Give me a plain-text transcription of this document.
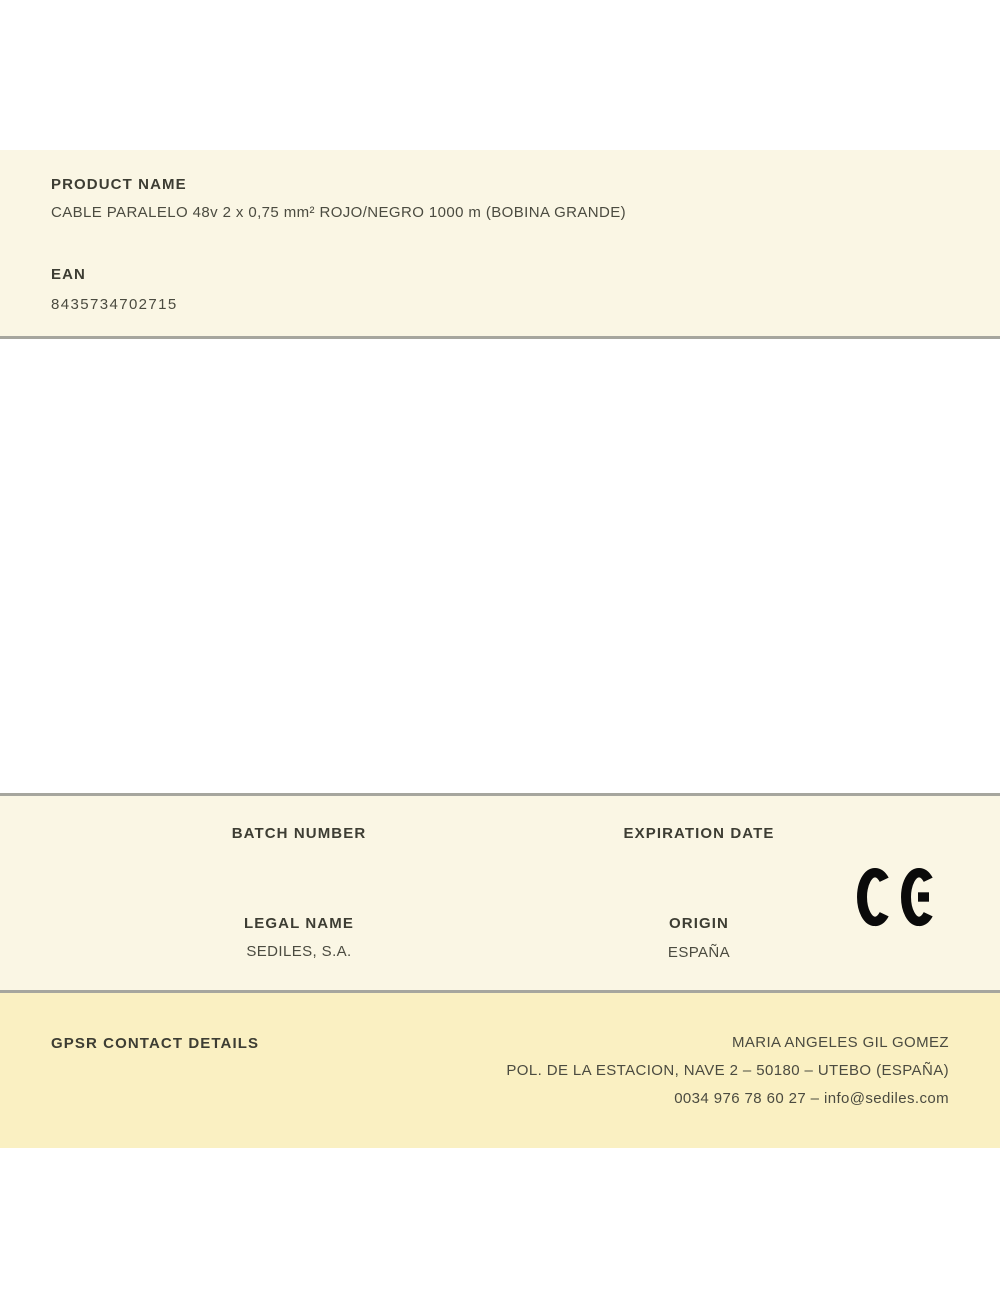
PRODUCT NAME
CABLE PARALELO 48v 2 x 0,75 mm² ROJO/NEGRO 1000 m (BOBINA GRANDE)
EAN
8435734702715
BATCH NUMBER	EXPIRATION DATE
LEGAL NAME
SEDILES, S.A.
ORIGIN
ESPAÑA
GPSR CONTACT DETAILS	MARIA ANGELES GIL GOMEZ
POL. DE LA ESTACION, NAVE 2 – 50180 – UTEBO (ESPAÑA)
0034 976 78 60 27 – info@sediles.com
